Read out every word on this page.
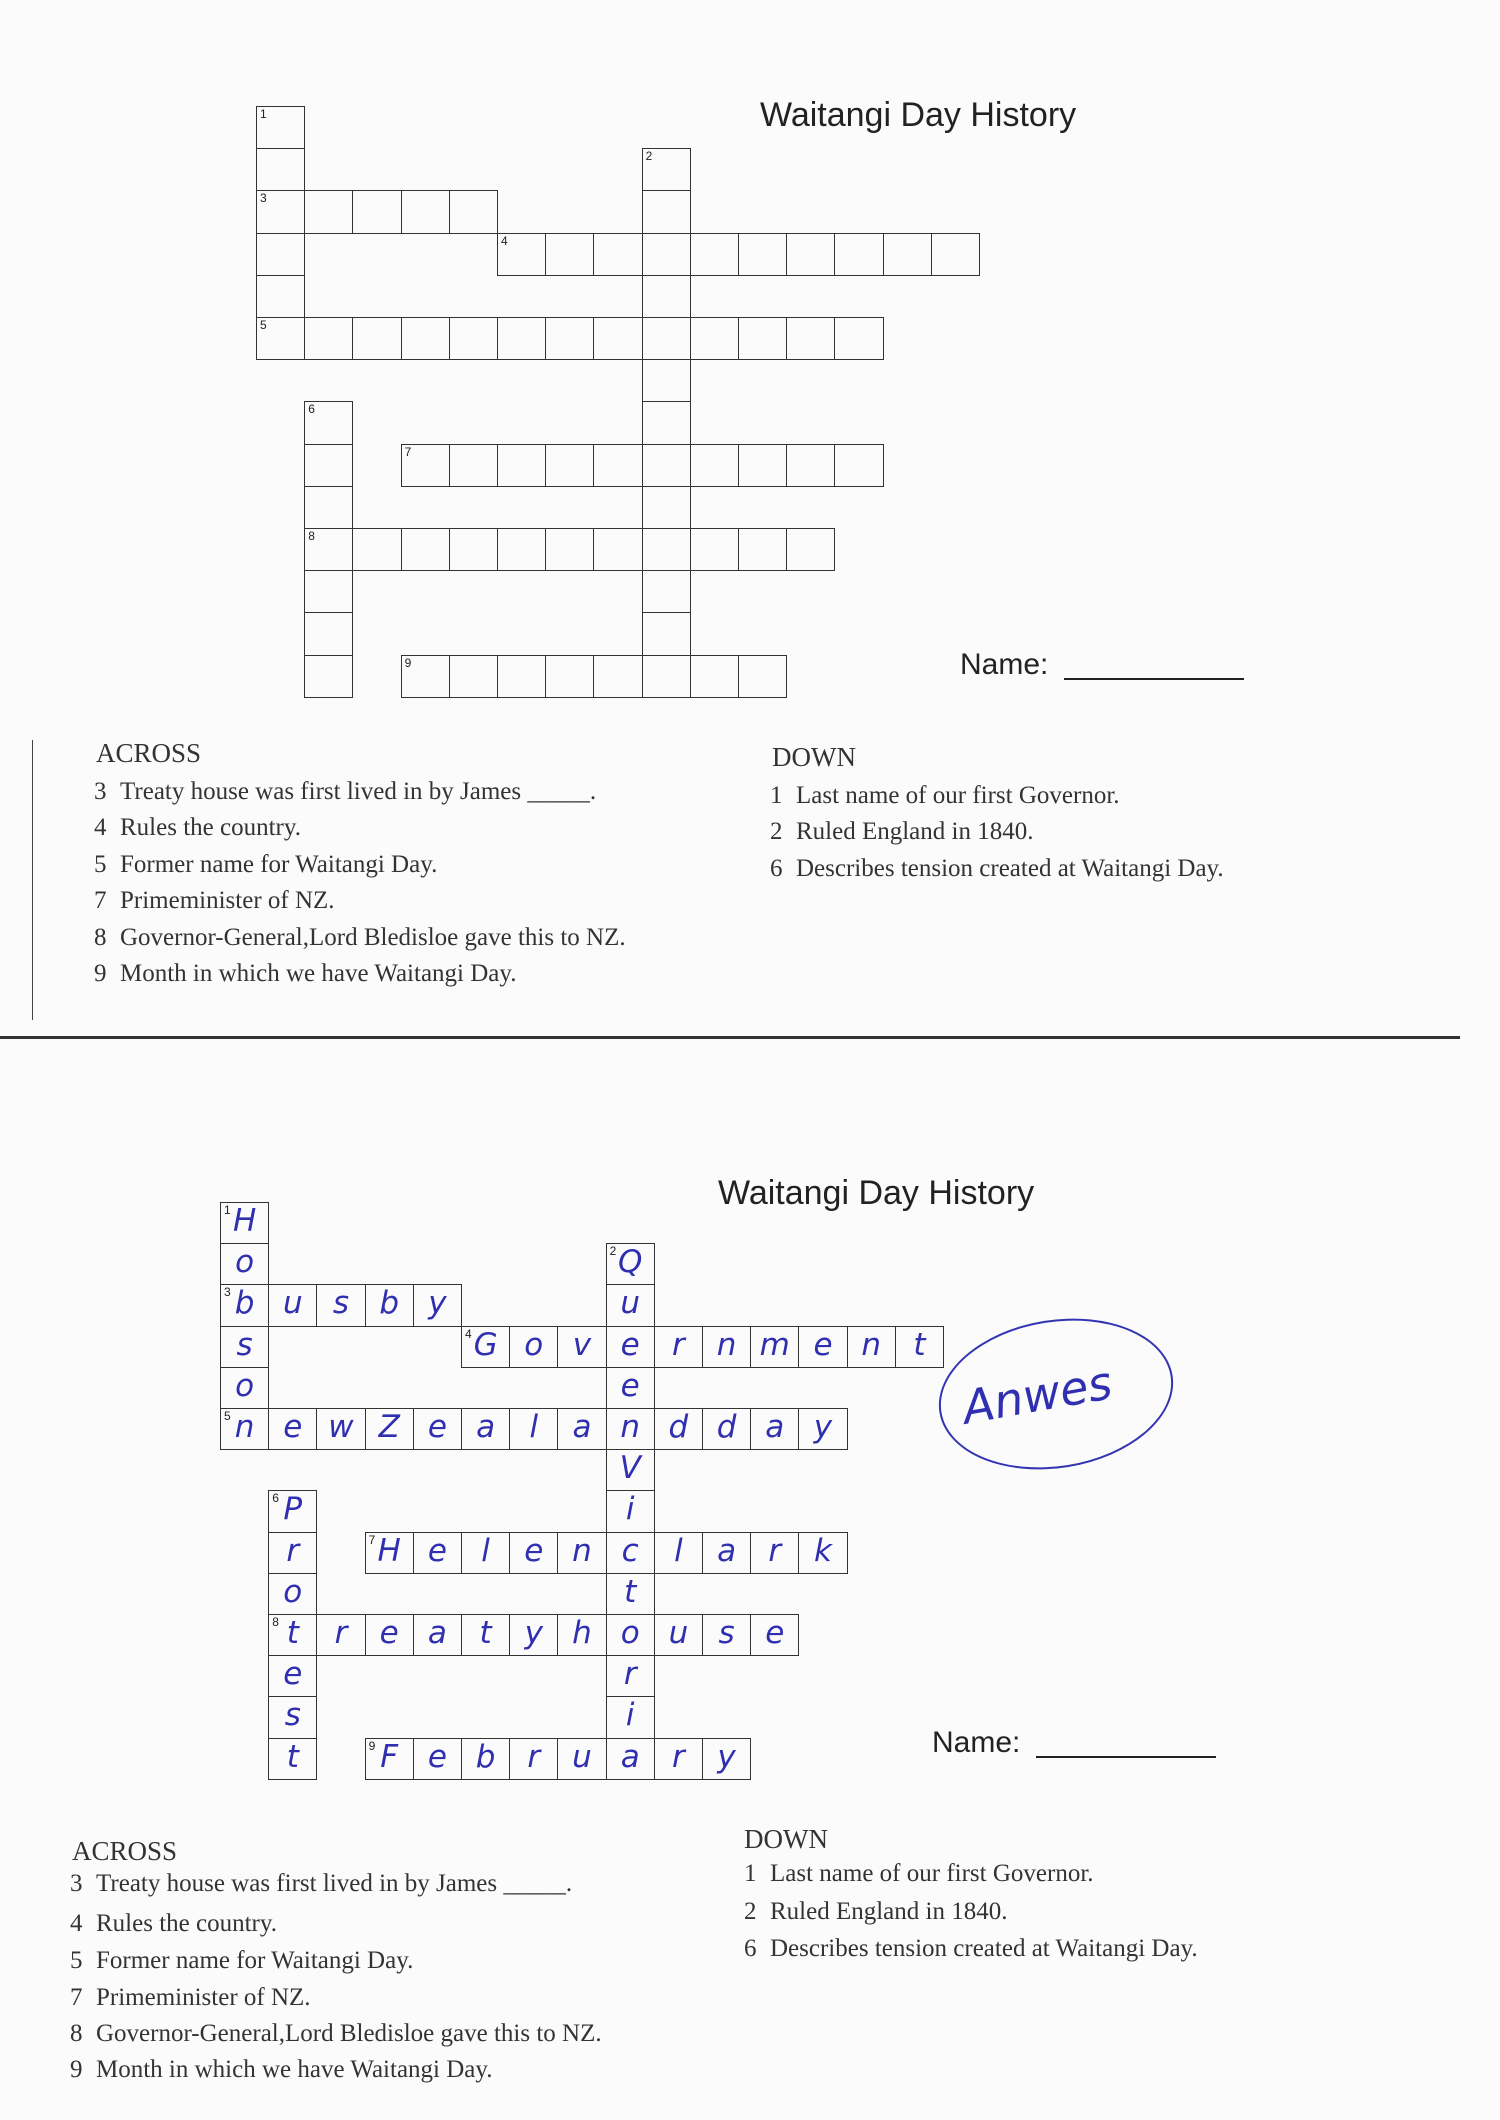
Waitangi Day History
1
3
5
2
4
6
8
7
9	Name:
ACROSS
3 Treaty house was first lived in by James _____.
4 Rules the country.
5 Former name for Waitangi Day.
7 Primeminister of NZ.
8 Governor-General,Lord Bledisloe gave this to NZ.
9 Month in which we have Waitangi Day.
DOWN
1 Last name of our first Governor.
2 Ruled England in 1840.
6 Describes tension created at Waitangi Day.
Waitangi Day History
1 H
o
3 b
s
o
5 n
2 Q
u
e
e
n
V
i
c
t
o
r
i
a
u s b y
4 G o v	r	n m e n	t
e w Z e a	l	a	d d a y
6 P
r
o
8 t
e
s
t
7 H e	l	e n	l	a	r	k
r	e a	t	y h	u s e
9 F e b	r	u	r	y
Anwes
Name:
ACROSS
3 Treaty house was first lived in by James _____.
4 Rules the country.
5 Former name for Waitangi Day.
7 Primeminister of NZ.
8 Governor-General,Lord Bledisloe gave this to NZ.
9 Month in which we have Waitangi Day.
DOWN
1 Last name of our first Governor.
2 Ruled England in 1840.
6 Describes tension created at Waitangi Day.
